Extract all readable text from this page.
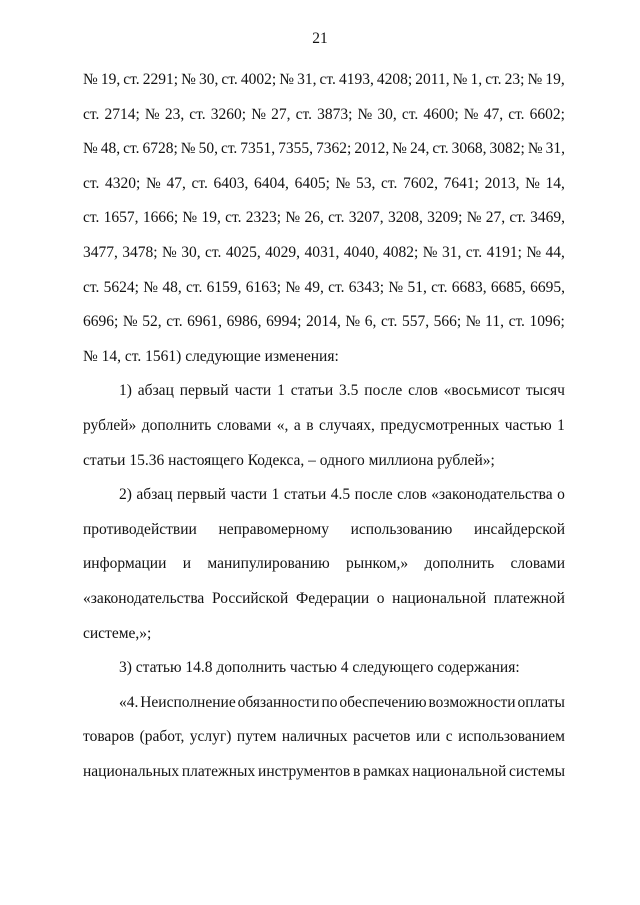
21
№ 19, ст. 2291; № 30, ст. 4002; № 31, ст. 4193, 4208; 2011, № 1, ст. 23; № 19,
ст. 2714; № 23, ст. 3260; № 27, ст. 3873; № 30, ст. 4600; № 47, ст. 6602;
№ 48, ст. 6728; № 50, ст. 7351, 7355, 7362; 2012, № 24, ст. 3068, 3082; № 31,
ст. 4320; № 47, ст. 6403, 6404, 6405; № 53, ст. 7602, 7641; 2013, № 14,
ст. 1657, 1666; № 19, ст. 2323; № 26, ст. 3207, 3208, 3209; № 27, ст. 3469,
3477, 3478; № 30, ст. 4025, 4029, 4031, 4040, 4082; № 31, ст. 4191; № 44,
ст. 5624; № 48, ст. 6159, 6163; № 49, ст. 6343; № 51, ст. 6683, 6685, 6695,
6696; № 52, ст. 6961, 6986, 6994; 2014, № 6, ст. 557, 566; № 11, ст. 1096;
№ 14, ст. 1561) следующие изменения:
1) абзац первый части 1 статьи 3.5 после слов «восьмисот тысяч
рублей» дополнить словами «, а в случаях, предусмотренных частью 1
статьи 15.36 настоящего Кодекса, – одного миллиона рублей»;
2) абзац первый части 1 статьи 4.5 после слов «законодательства о
противодействии неправомерному использованию инсайдерской
информации и манипулированию рынком,» дополнить словами
«законодательства Российской Федерации о национальной платежной
системе,»;
3) статью 14.8 дополнить частью 4 следующего содержания:
«4. Неисполнение обязанности по обеспечению возможности оплаты
товаров (работ, услуг) путем наличных расчетов или с использованием
национальных платежных инструментов в рамках национальной системы
